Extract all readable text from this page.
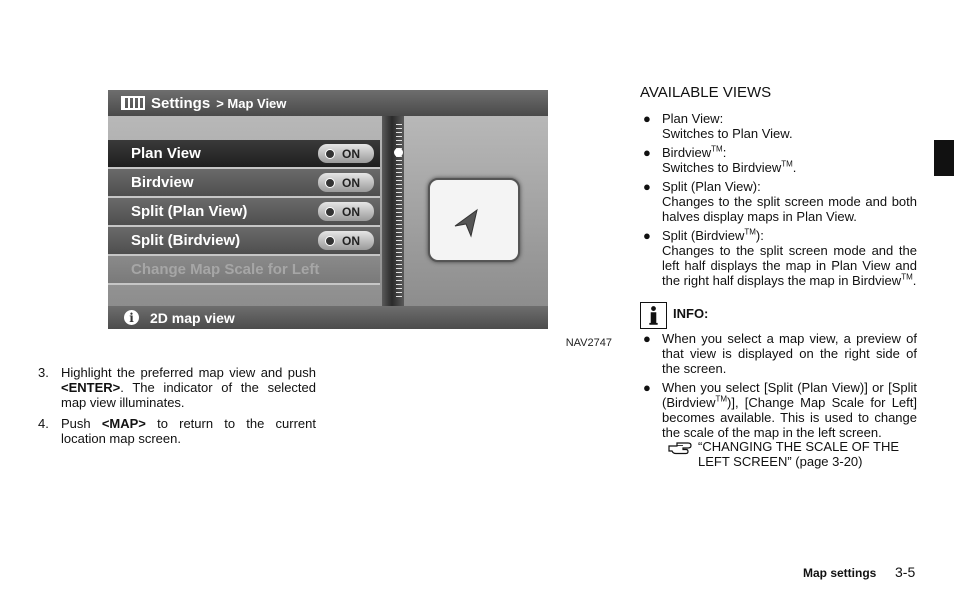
Settings > Map View
Plan View	ON
Birdview	ON
Split (Plan View)	ON
Split (Birdview)	ON
Change Map Scale for Left
i	2D map view
NAV2747
3. Highlight the preferred map view and push <ENTER>. The indicator of the selected map view illuminates.
4. Push <MAP> to return to the current location map screen.
AVAILABLE VIEWS
● Plan View:
Switches to Plan View.
● Birdview™:
Switches to Birdview™.
● Split (Plan View):
Changes to the split screen mode and both halves display maps in Plan View.
● Split (Birdview™):
Changes to the split screen mode and the left half displays the map in Plan View and the right half displays the map in Birdview™.
INFO:
● When you select a map view, a preview of that view is displayed on the right side of the screen.
● When you select [Split (Plan View)] or [Split (Birdview™)], [Change Map Scale for Left] becomes available. This is used to change the scale of the map in the left screen.
“CHANGING THE SCALE OF THE LEFT SCREEN” (page 3-20)
Map settings 3-5
